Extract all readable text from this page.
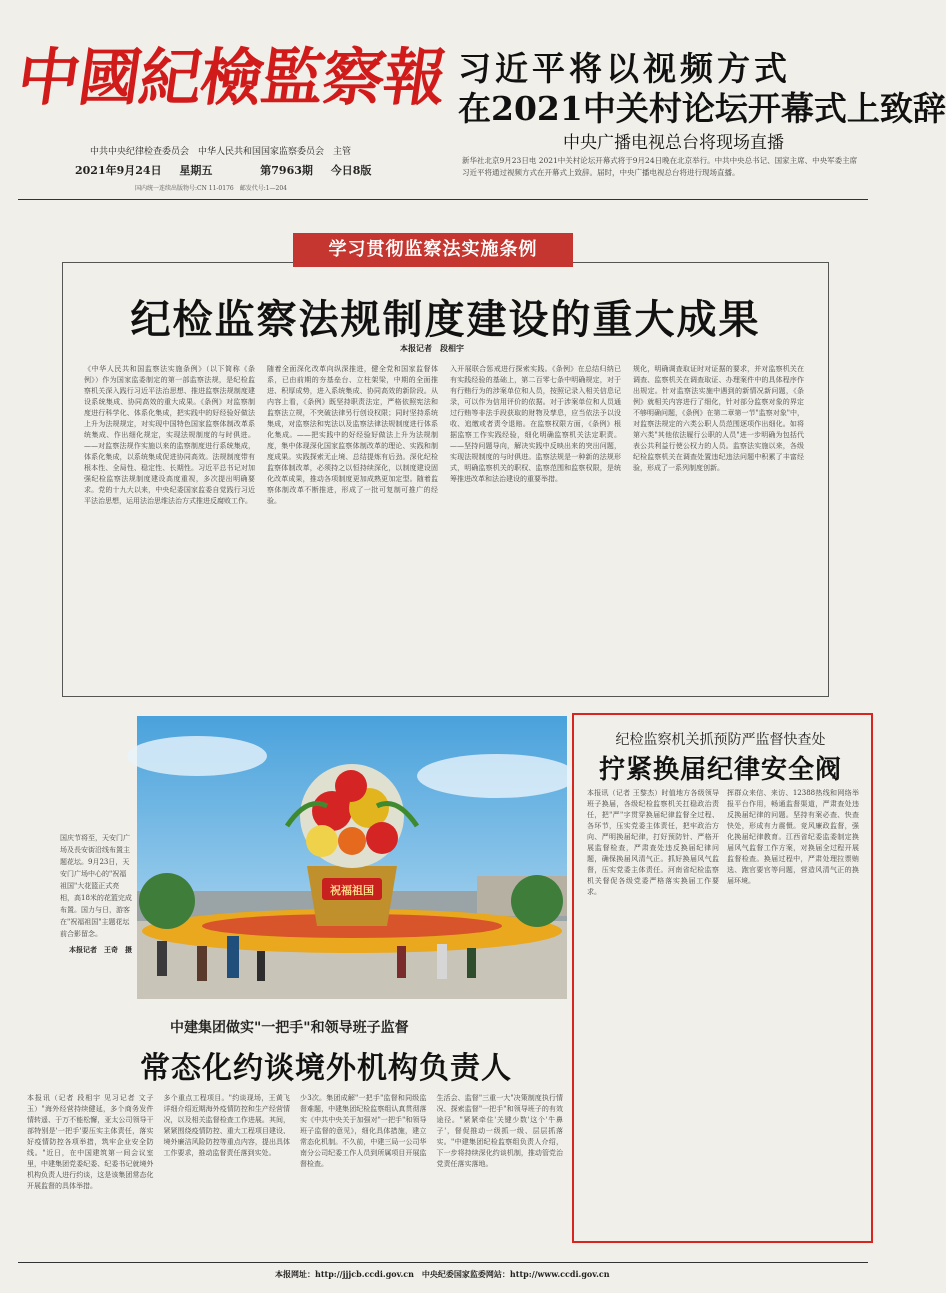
中國紀檢監察報
中共中央纪律检查委员会　中华人民共和国国家监察委员会　主管
2021年9月24日 星期五	第7963期 今日8版
国内统一连续出版物号:CN 11-0176　邮发代号:1—204
习近平将以视频方式
在2021中关村论坛开幕式上致辞
中央广播电视总台将现场直播
新华社北京9月23日电 2021中关村论坛开幕式将于9月24日晚在北京举行。中共中央总书记、国家主席、中央军委主席习近平将通过视频方式在开幕式上致辞。届时，中央广播电视总台将进行现场直播。
学习贯彻监察法实施条例
纪检监察法规制度建设的重大成果
本报记者　段相宇
《中华人民共和国监察法实施条例》（以下简称《条例》）作为国家监委制定的第一部监察法规，是纪检监察机关深入践行习近平法治思想、推进监察法规制度建设系统集成、协同高效的重大成果。《条例》对监察制度进行科学化、体系化集成，把实践中的好经验好做法上升为法规规定，对实现中国特色国家监察体制改革系统集成、作出细化规定，实现法规制度的与时俱进。——对监察法规作实施以来的监察制度进行系统集成，体系化集成，以系统集成促进协同高效。法规制度带有根本性、全局性、稳定性、长期性。习近平总书记对加强纪检监察法规制度建设高度重视，多次提出明确要求。党的十九大以来，中央纪委国家监委自觉践行习近平法治思想，运用法治思维法治方式推进反腐败工作。
随着全面深化改革向纵深推进，健全党和国家监督体系，已由前期的夯基垒台、立柱架梁，中期的全面推进、积厚成势，进入系统集成、协同高效的新阶段。从内容上看，《条例》既坚持职责法定，严格依照宪法和监察法立规，不突破法律另行创设权限；同时坚持系统集成，对监察法和宪法以及监察法律法规制度进行体系化集成。——把实践中的好经验好做法上升为法规制度，集中体现深化国家监察体制改革的理论、实践和制度成果。实践探索无止境、总结提炼有后劲。深化纪检监察体制改革，必须持之以恒持续深化，以制度建设固化改革成果，推动各项制度更加成熟更加定型。随着监察体制改革不断推进，形成了一批可复制可推广的经验。
入开展联合惩戒进行探索实践。《条例》在总结归纳已有实践经验的基础上，第二百零七条中明确规定，对于有行贿行为的涉案单位和人员，按照记录入相关信息记录，可以作为信用评价的依据。对于涉案单位和人员通过行贿等非法手段获取的财物及孳息，应当依法予以没收、追缴或者责令退赔。在监察权限方面，《条例》根据监察工作实践经验，细化明确监察机关法定职责。——坚持问题导向，解决实践中反映出来的突出问题，实现法规制度的与时俱进。监察法规是一种新的法规形式，明确监察机关的职权、监察范围和监察权限，是统筹推进改革和法治建设的重要举措。
规化，明确调查取证时对证据的要求，并对监察机关在调查、监察机关在调查取证、办理案件中的具体程序作出规定。针对监察法实施中遇到的新情况新问题，《条例》就相关内容进行了细化，针对部分监察对象的界定不够明确问题，《条例》在第二章第一节"监察对象"中，对监察法规定的六类公职人员范围逐项作出细化。如将第六类"其他依法履行公职的人员"进一步明确为包括代表公共利益行使公权力的人员。监察法实施以来，各级纪检监察机关在调查处置违纪违法问题中积累了丰富经验，形成了一系列制度创新。
祝福祖国
国庆节将至，天安门广场及長安街沿线布置主题花坛。9月23日，天安门广场中心的"祝福祖国"大花篮正式亮相，高18米的花篮完成布置。国力与日，游客在"祝福祖国"主题花坛前合影留念。
本报记者　王奇　摄
中建集团做实"一把手"和领导班子监督
常态化约谈境外机构负责人
本报讯（记者 段相宇 见习记者 文子玉）"海外经营持续健延，多个商务发件情转遥、于万不能松懈，亚太公司领导干部特别是'一把手'要压实主体责任，落实好疫情防控各项举措，筑牢企业安全防线。"近日，在中国建筑第一间会议室里，中建集团党委纪委、纪委书记就境外机构负责人进行约谈，这是该集团常态化开展监督的具体举措。
多个重点工程项目。"约谈现场，王黄飞详细介绍近期海外疫情防控和生产经营情况，以及相关监督检查工作进展。其间，紧紧围绕疫情防控、重大工程项目建设、境外廉洁风险防控等重点内容，提出具体工作要求，推动监督责任落到实处。
少3次。集团成解"一把手"监督和同级监督难题，中建集团纪检监察组认真贯彻落实《中共中央关于加强对"一把手"和领导班子监督的意见》，细化具体措施，建立常态化机制。不久前，中建三局一公司华南分公司纪委工作人员到所属项目开展监督检查。
生活会、监督"三重一大"决策制度执行情况、探索监督"一把手"和领导班子的有效途径。"紧紧牵住'关键少数'这个'牛鼻子'，督促推动一级抓一级、层层抓落实。"中建集团纪检监察组负责人介绍，下一步将持续深化约谈机制，推动管党治党责任落实落地。
纪检监察机关抓预防严监督快查处
拧紧换届纪律安全阀
本报讯（记者 王黎杰）时值地方各级领导班子换届，各级纪检监察机关扛稳政治责任，把"严"字贯穿换届纪律监督全过程、各环节，压实党委主体责任，把牢政治方向、严明换届纪律，打好预防针、严格开展监督检查，严肃查处违反换届纪律问题，确保换届风清气正。抓好换届风气监督，压实党委主体责任。河南省纪检监察机关督促各级党委严格落实换届工作要求。
挥群众来信、来访、12388热线和网络举报平台作用，畅通监督渠道，严肃查处违反换届纪律的问题。坚持有案必查、快查快处，形成有力震慑。竞风廉政监督，强化换届纪律教育。江西省纪委监委制定换届风气监督工作方案，对换届全过程开展监督检查。换届过程中，严肃处理拉票贿选、跑官要官等问题，营造风清气正的换届环境。
本报网址：http://jjjcb.ccdi.gov.cn　中央纪委国家监委网站：http://www.ccdi.gov.cn
